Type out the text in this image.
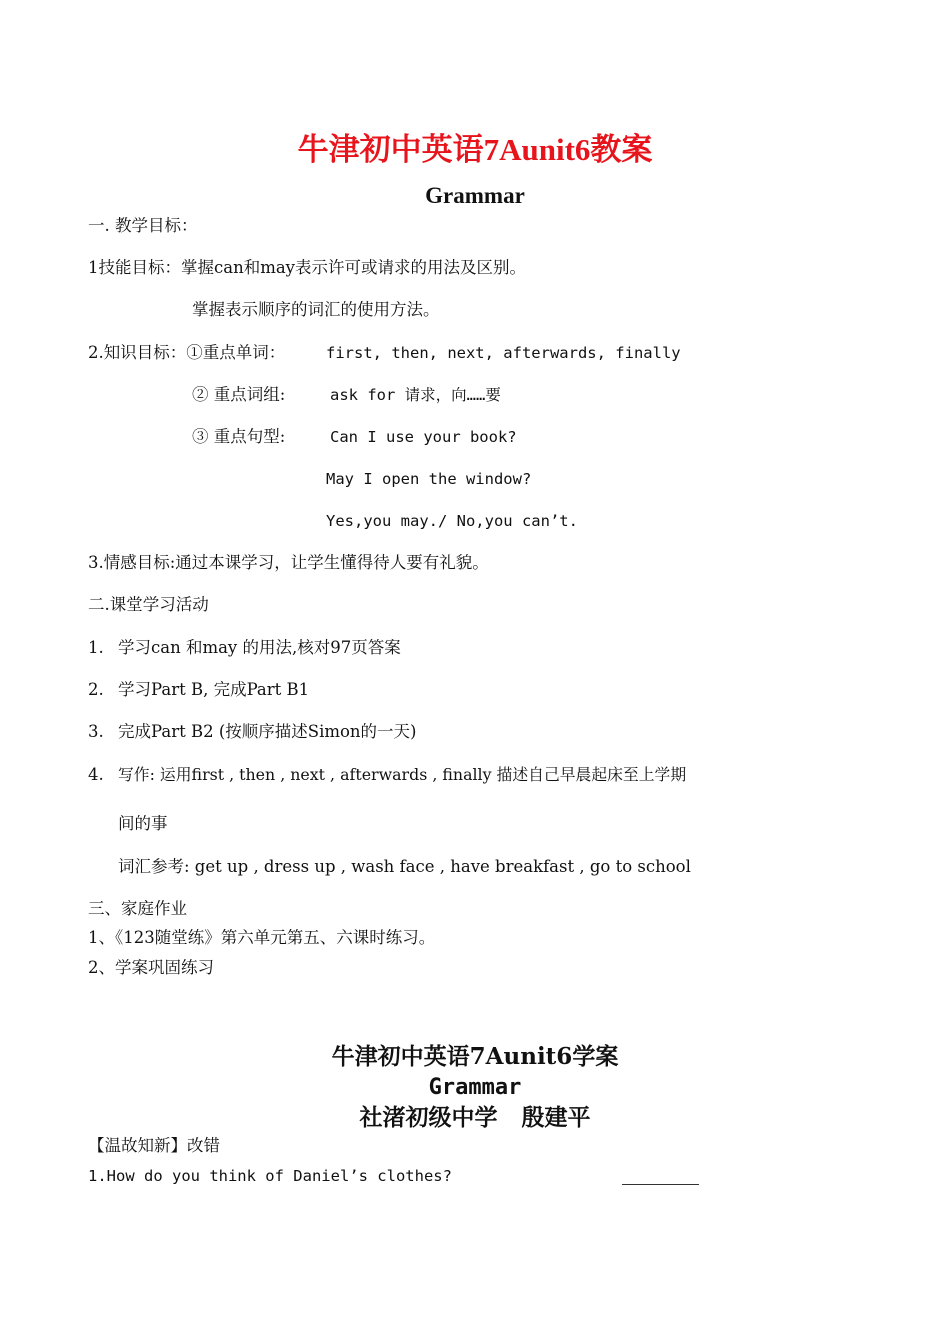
牛津初中英语7Aunit6教案
Grammar
一. 教学目标：
1技能目标：掌握can和may表示许可或请求的用法及区别。
掌握表示顺序的词汇的使用方法。
2.知识目标：①重点单词：	first, then, next, afterwards, finally
② 重点词组:	ask for 请求，向……要
③ 重点句型:	Can I use your book?
May I open the window?
Yes,you may./ No,you can’t.
3.情感目标:通过本课学习，让学生懂得待人要有礼貌。
二.课堂学习活动
1. 学习can 和may 的用法,核对97页答案
2. 学习Part B, 完成Part B1
3. 完成Part B2 (按顺序描述Simon的一天)
4. 写作: 运用first , then , next , afterwards , finally 描述自己早晨起床至上学期
间的事
词汇参考: get up , dress up , wash face , have breakfast , go to school
三、家庭作业
1、《123随堂练》第六单元第五、六课时练习。
2、学案巩固练习
牛津初中英语7Aunit6学案
Grammar
社渚初级中学   殷建平
【温故知新】改错
1.How do you think of Daniel’s clothes?
